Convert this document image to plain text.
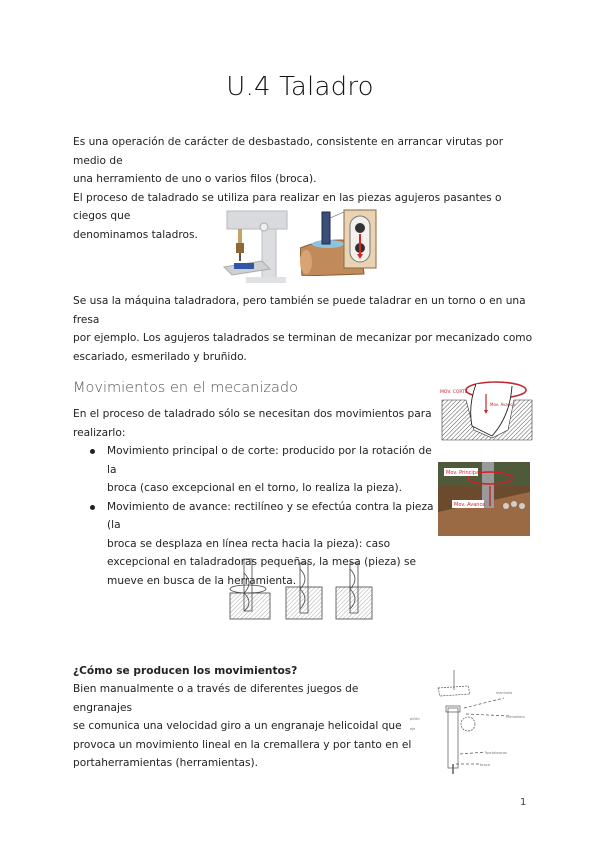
U.4 Taladro
Es una operación de carácter de desbastado, consistente en arrancar virutas por medio de
una herramiento de uno o varios filos (broca).
El proceso de taladrado se utiliza para realizar en las piezas agujeros pasantes o ciegos que
denominamos taladros.
Se usa la máquina taladradora, pero también se puede taladrar en un torno o en una fresa
por ejemplo. Los agujeros taladrados se terminan de mecanizar por mecanizado como
escariado, esmerilado y bruñido.
Movimientos en el mecanizado
En el proceso de taladrado sólo se necesitan dos movimientos para
realizarlo:
Movimiento principal o de corte: producido por la rotación de la
broca (caso excepcional en el torno, lo realiza la pieza).
Movimiento de avance: rectilíneo y se efectúa contra la pieza (la
broca se desplaza en línea recta hacia la pieza): caso
excepcional en taladradoras pequeñas, la mesa (pieza) se
mueve en busca de la herramienta.
MOV. CORTE
Mov. Avance
Mov. Principal
Mov. Avance
¿Cómo se producen los movimientos?
Bien manualmente o a través de diferentes juegos de engranajes
se comunica una velocidad giro a un engranaje helicoidal que
provoca un movimiento lineal en la cremallera y por tanto en el
portaherramientas (herramientas).
manivela
cremallera
piñón
eje
portabrocas
broca
1
